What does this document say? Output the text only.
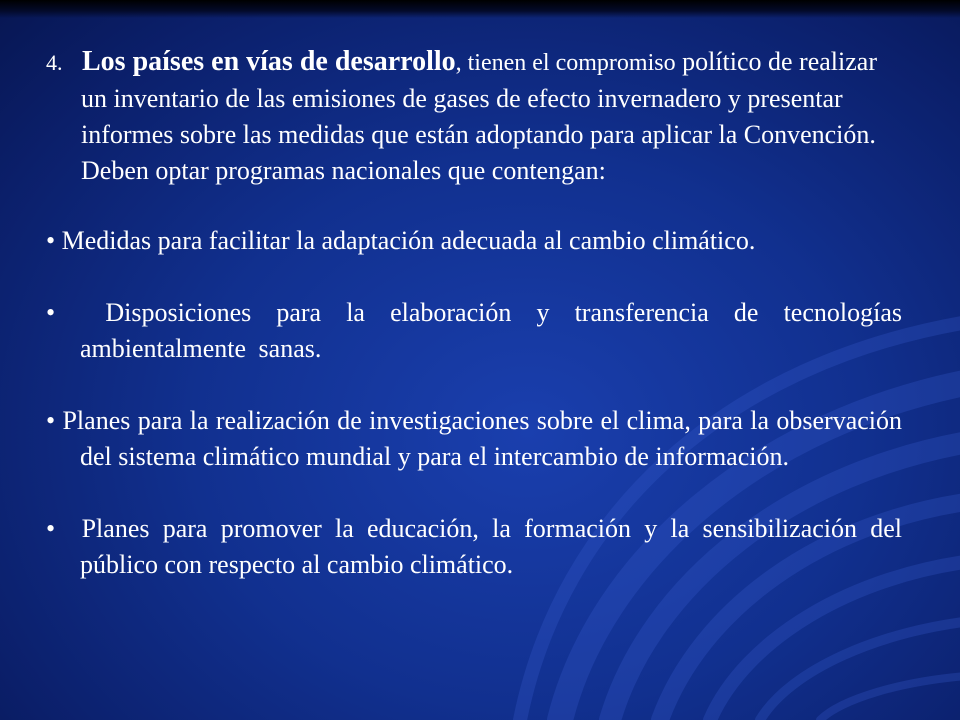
4. Los países en vías de desarrollo, tienen el compromiso político de realizar un inventario de las emisiones de gases de efecto invernadero y presentar informes sobre las medidas que están adoptando para aplicar la Convención. Deben optar programas nacionales que contengan:

• Medidas para facilitar la adaptación adecuada al cambio climático.

• Disposiciones para la elaboración y transferencia de tecnologías ambientalmente sanas.

• Planes para la realización de investigaciones sobre el clima, para la observación del sistema climático mundial y para el intercambio de información.

• Planes para promover la educación, la formación y la sensibilización del público con respecto al cambio climático.
